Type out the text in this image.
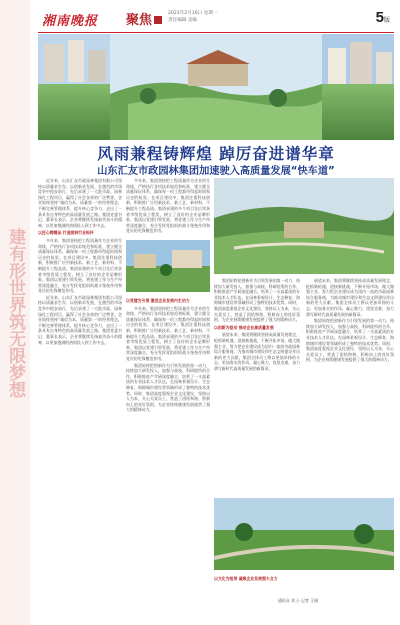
建有形世界筑无限梦想
湘南晚报 聚焦	2023年2月16日 星期一
责任编辑 美编	5版
风雨兼程铸辉煌 踔厉奋进谱华章
山东汇友市政园林集团加速驶入高质量发展“快车道”

近年来，山东汇友市政园林集团有限公司坚持以质量求生存、以创新求发展，在激烈的市场竞争中稳步前行，先后承建了一大批市政、园林绿化工程项目，赢得了社会各界的广泛赞誉。企业始终坚持“诚信为本、质量第一”的经营理念，不断完善管理体系，提升核心竞争力，走出了一条具有自身特色的高质量发展之路。集团党委书记、董事长表示，企业将继续发扬艰苦奋斗的精神，以更加饱满的热情投入到工作中去。

以匠心铸精品 打造园林行业标杆

多年来，集团坚持把工程质量作为企业的生命线，严格执行各项技术规范和标准，建立健全质量保证体系，确保每一项工程都经得起时间和历史的检验。在项目建设中，集团注重科技创新，积极推广应用新技术、新工艺、新材料，不断提升工程品质。集团承建的多个项目先后荣获省市级优质工程奖，树立了良好的企业品牌形象。集团以党建引领发展，将党建工作与生产经营深度融合，充分发挥党组织的战斗堡垒作用和党员的先锋模范作用。

近年来，山东汇友市政园林集团有限公司坚持以质量求生存、以创新求发展，在激烈的市场竞争中稳步前行，先后承建了一大批市政、园林绿化工程项目，赢得了社会各界的广泛赞誉。企业始终坚持“诚信为本、质量第一”的经营理念，不断完善管理体系，提升核心竞争力，走出了一条具有自身特色的高质量发展之路。集团党委书记、董事长表示，企业将继续发扬艰苦奋斗的精神，以更加饱满的热情投入到工作中去。

多年来，集团坚持把工程质量作为企业的生命线，严格执行各项技术规范和标准，建立健全质量保证体系，确保每一项工程都经得起时间和历史的检验。在项目建设中，集团注重科技创新，积极推广应用新技术、新工艺、新材料，不断提升工程品质。集团承建的多个项目先后荣获省市级优质工程奖，树立了良好的企业品牌形象。集团以党建引领发展，将党建工作与生产经营深度融合，充分发挥党组织的战斗堡垒作用和党员的先锋模范作用。

以党建为引领 激活企业发展内生动力

多年来，集团坚持把工程质量作为企业的生命线，严格执行各项技术规范和标准，建立健全质量保证体系，确保每一项工程都经得起时间和历史的检验。在项目建设中，集团注重科技创新，积极推广应用新技术、新工艺、新材料，不断提升工程品质。集团承建的多个项目先后荣获省市级优质工程奖，树立了良好的企业品牌形象。集团以党建引领发展，将党建工作与生产经营深度融合，充分发挥党组织的战斗堡垒作用和党员的先锋模范作用。

集团始终把创新作为引领发展的第一动力，持续加大研发投入，加强与高校、科研院所的合作，积极推进产学研深度融合，培养了一支高素质的专业技术人才队伍。在园林景观设计、生态修复、海绵城市建设等领域形成了独特的技术优势。同时，集团高度重视企业文化建设，坚持以人为本，关心关爱员工，营造了团结和谐、积极向上的良好氛围，为企业持续健康发展提供了强大的精神动力。

集团始终把创新作为引领发展的第一动力，持续加大研发投入，加强与高校、科研院所的合作，积极推进产学研深度融合，培养了一支高素质的专业技术人才队伍。在园林景观设计、生态修复、海绵城市建设等领域形成了独特的技术优势。同时，集团高度重视企业文化建设，坚持以人为本，关心关爱员工，营造了团结和谐、积极向上的良好氛围，为企业持续健康发展提供了强大的精神动力。

以创新为驱动 推动企业高质量发展

展望未来，集团将继续坚持高质量发展理念，抢抓新机遇，迎接新挑战，不断开拓市场，做大做强主业，努力把企业建设成为国内一流的市政园林综合服务商，为推动城市建设和生态文明建设作出新的更大贡献。集团全体员工将以更加昂扬的斗志、更加务实的作风，凝心聚力，攻坚克难，奋力谱写新时代高质量发展的新篇章。

展望未来，集团将继续坚持高质量发展理念，抢抓新机遇，迎接新挑战，不断开拓市场，做大做强主业，努力把企业建设成为国内一流的市政园林综合服务商，为推动城市建设和生态文明建设作出新的更大贡献。集团全体员工将以更加昂扬的斗志、更加务实的作风，凝心聚力，攻坚克难，奋力谱写新时代高质量发展的新篇章。

集团始终把创新作为引领发展的第一动力，持续加大研发投入，加强与高校、科研院所的合作，积极推进产学研深度融合，培养了一支高素质的专业技术人才队伍。在园林景观设计、生态修复、海绵城市建设等领域形成了独特的技术优势。同时，集团高度重视企业文化建设，坚持以人为本，关心关爱员工，营造了团结和谐、积极向上的良好氛围，为企业持续健康发展提供了强大的精神动力。

以文化为纽带 凝聚企业发展强大合力

通讯员 刘 小 记者 王娟
